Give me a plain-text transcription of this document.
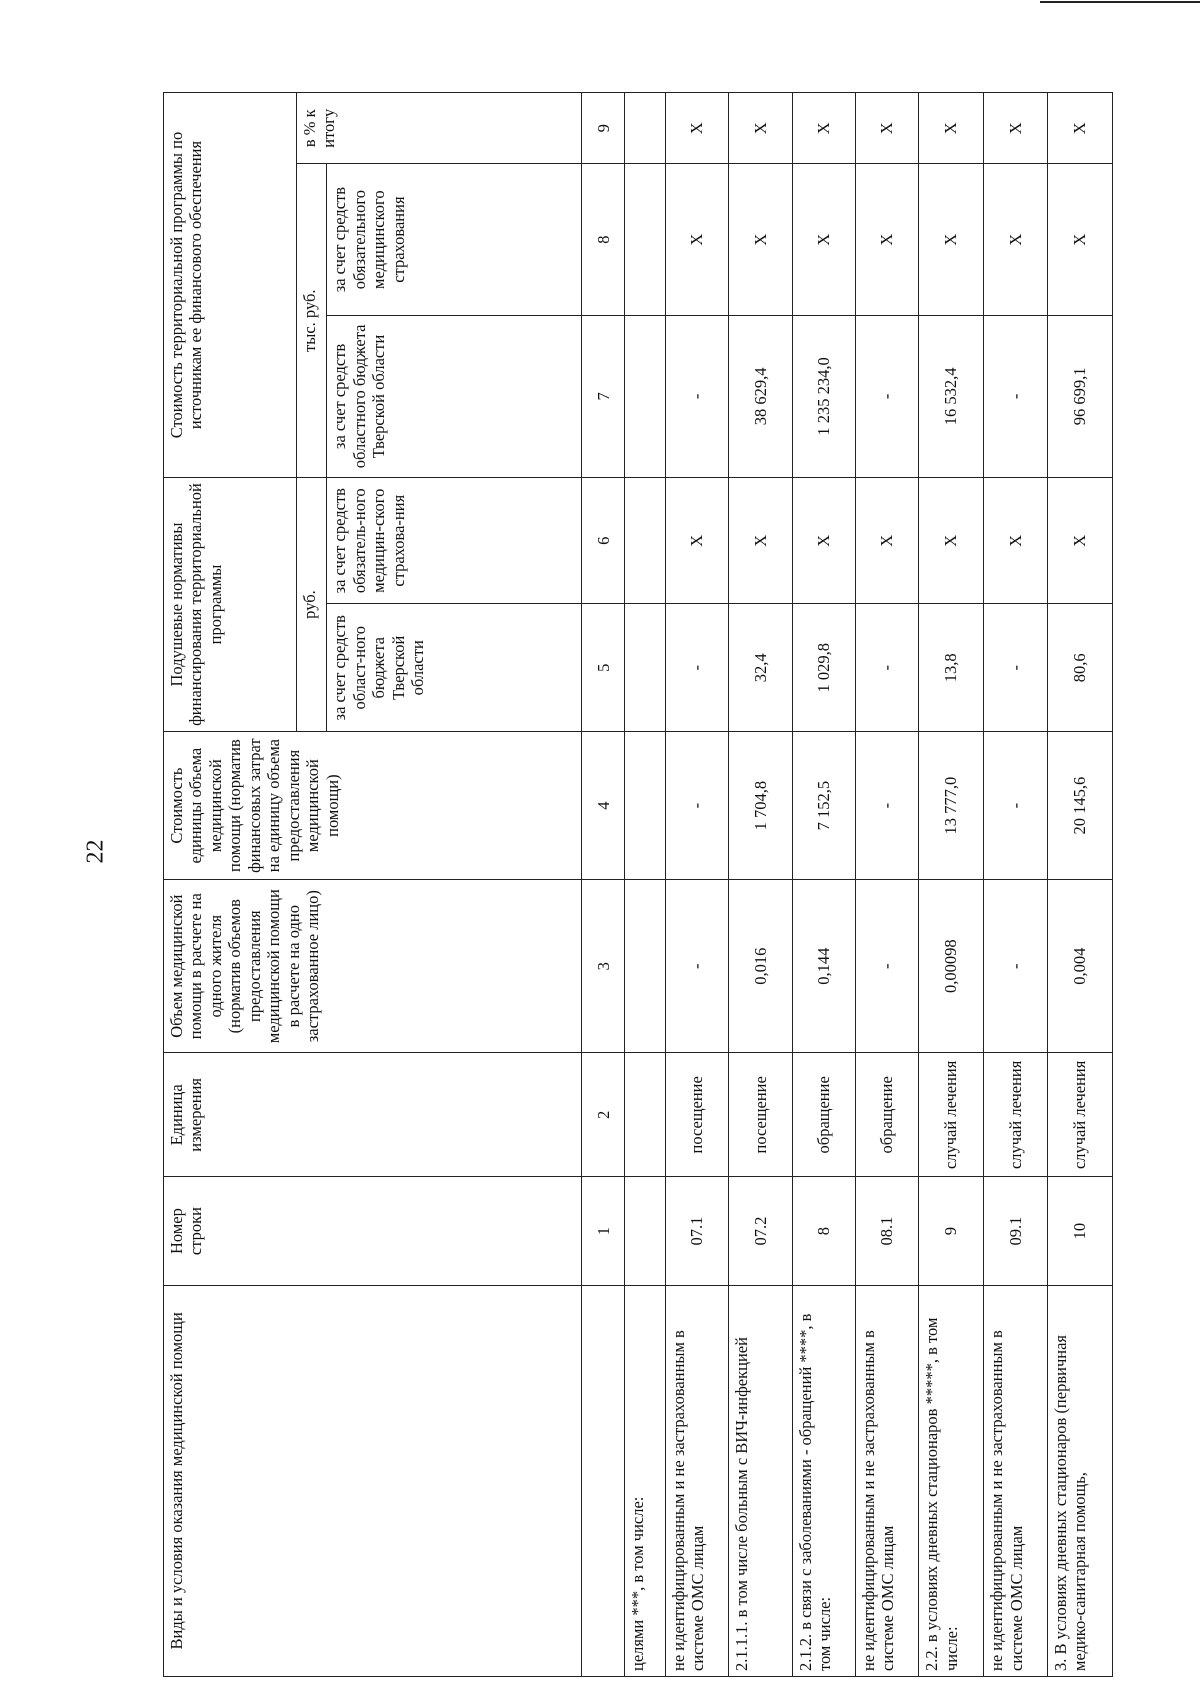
22
Виды и условия оказания медицинской помощи	Номер строки	Единица измерения	Объем медицинской помощи в расчете на одного жителя (норматив объемов предоставления медицинской помощи в расчете на одно застрахованное лицо)	Стоимость единицы объема медицинской помощи (норматив финансовых затрат на единицу объема предоставления медицинской помощи)	Подушевые нормативы финансирования территориальной программы		Стоимость территориальной программы по источникам ее финансового обеспечения		
					руб.		тыс. руб.		в % к итогу
					за счет средств област-ного бюджета Тверской области	за счет средств обязатель-ного медицин-ского страхова-ния	за счет средств областного бюджета Тверской области	за счет средств обязательного медицинского страхования	
	1	2	3	4	5	6	7	8	9
целями ***, в том числе:									
не идентифицированным и не застрахованным в системе ОМС лицам	07.1	посещение	-	-	-	X	-	X	X
2.1.1.1. в том числе больным с ВИЧ-инфекцией	07.2	посещение	0,016	1 704,8	32,4	X	38 629,4	X	X
2.1.2. в связи с заболеваниями - обращений ****, в том числе:	8	обращение	0,144	7 152,5	1 029,8	X	1 235 234,0	X	X
не идентифицированным и не застрахованным в системе ОМС лицам	08.1	обращение	-	-	-	X	-	X	X
2.2. в условиях дневных стационаров *****, в том числе:	9	случай лечения	0,00098	13 777,0	13,8	X	16 532,4	X	X
не идентифицированным и не застрахованным в системе ОМС лицам	09.1	случай лечения	-	-	-	X	-	X	X
3. В условиях дневных стационаров (первичная медико-санитарная помощь,	10	случай лечения	0,004	20 145,6	80,6	X	96 699,1	X	X
